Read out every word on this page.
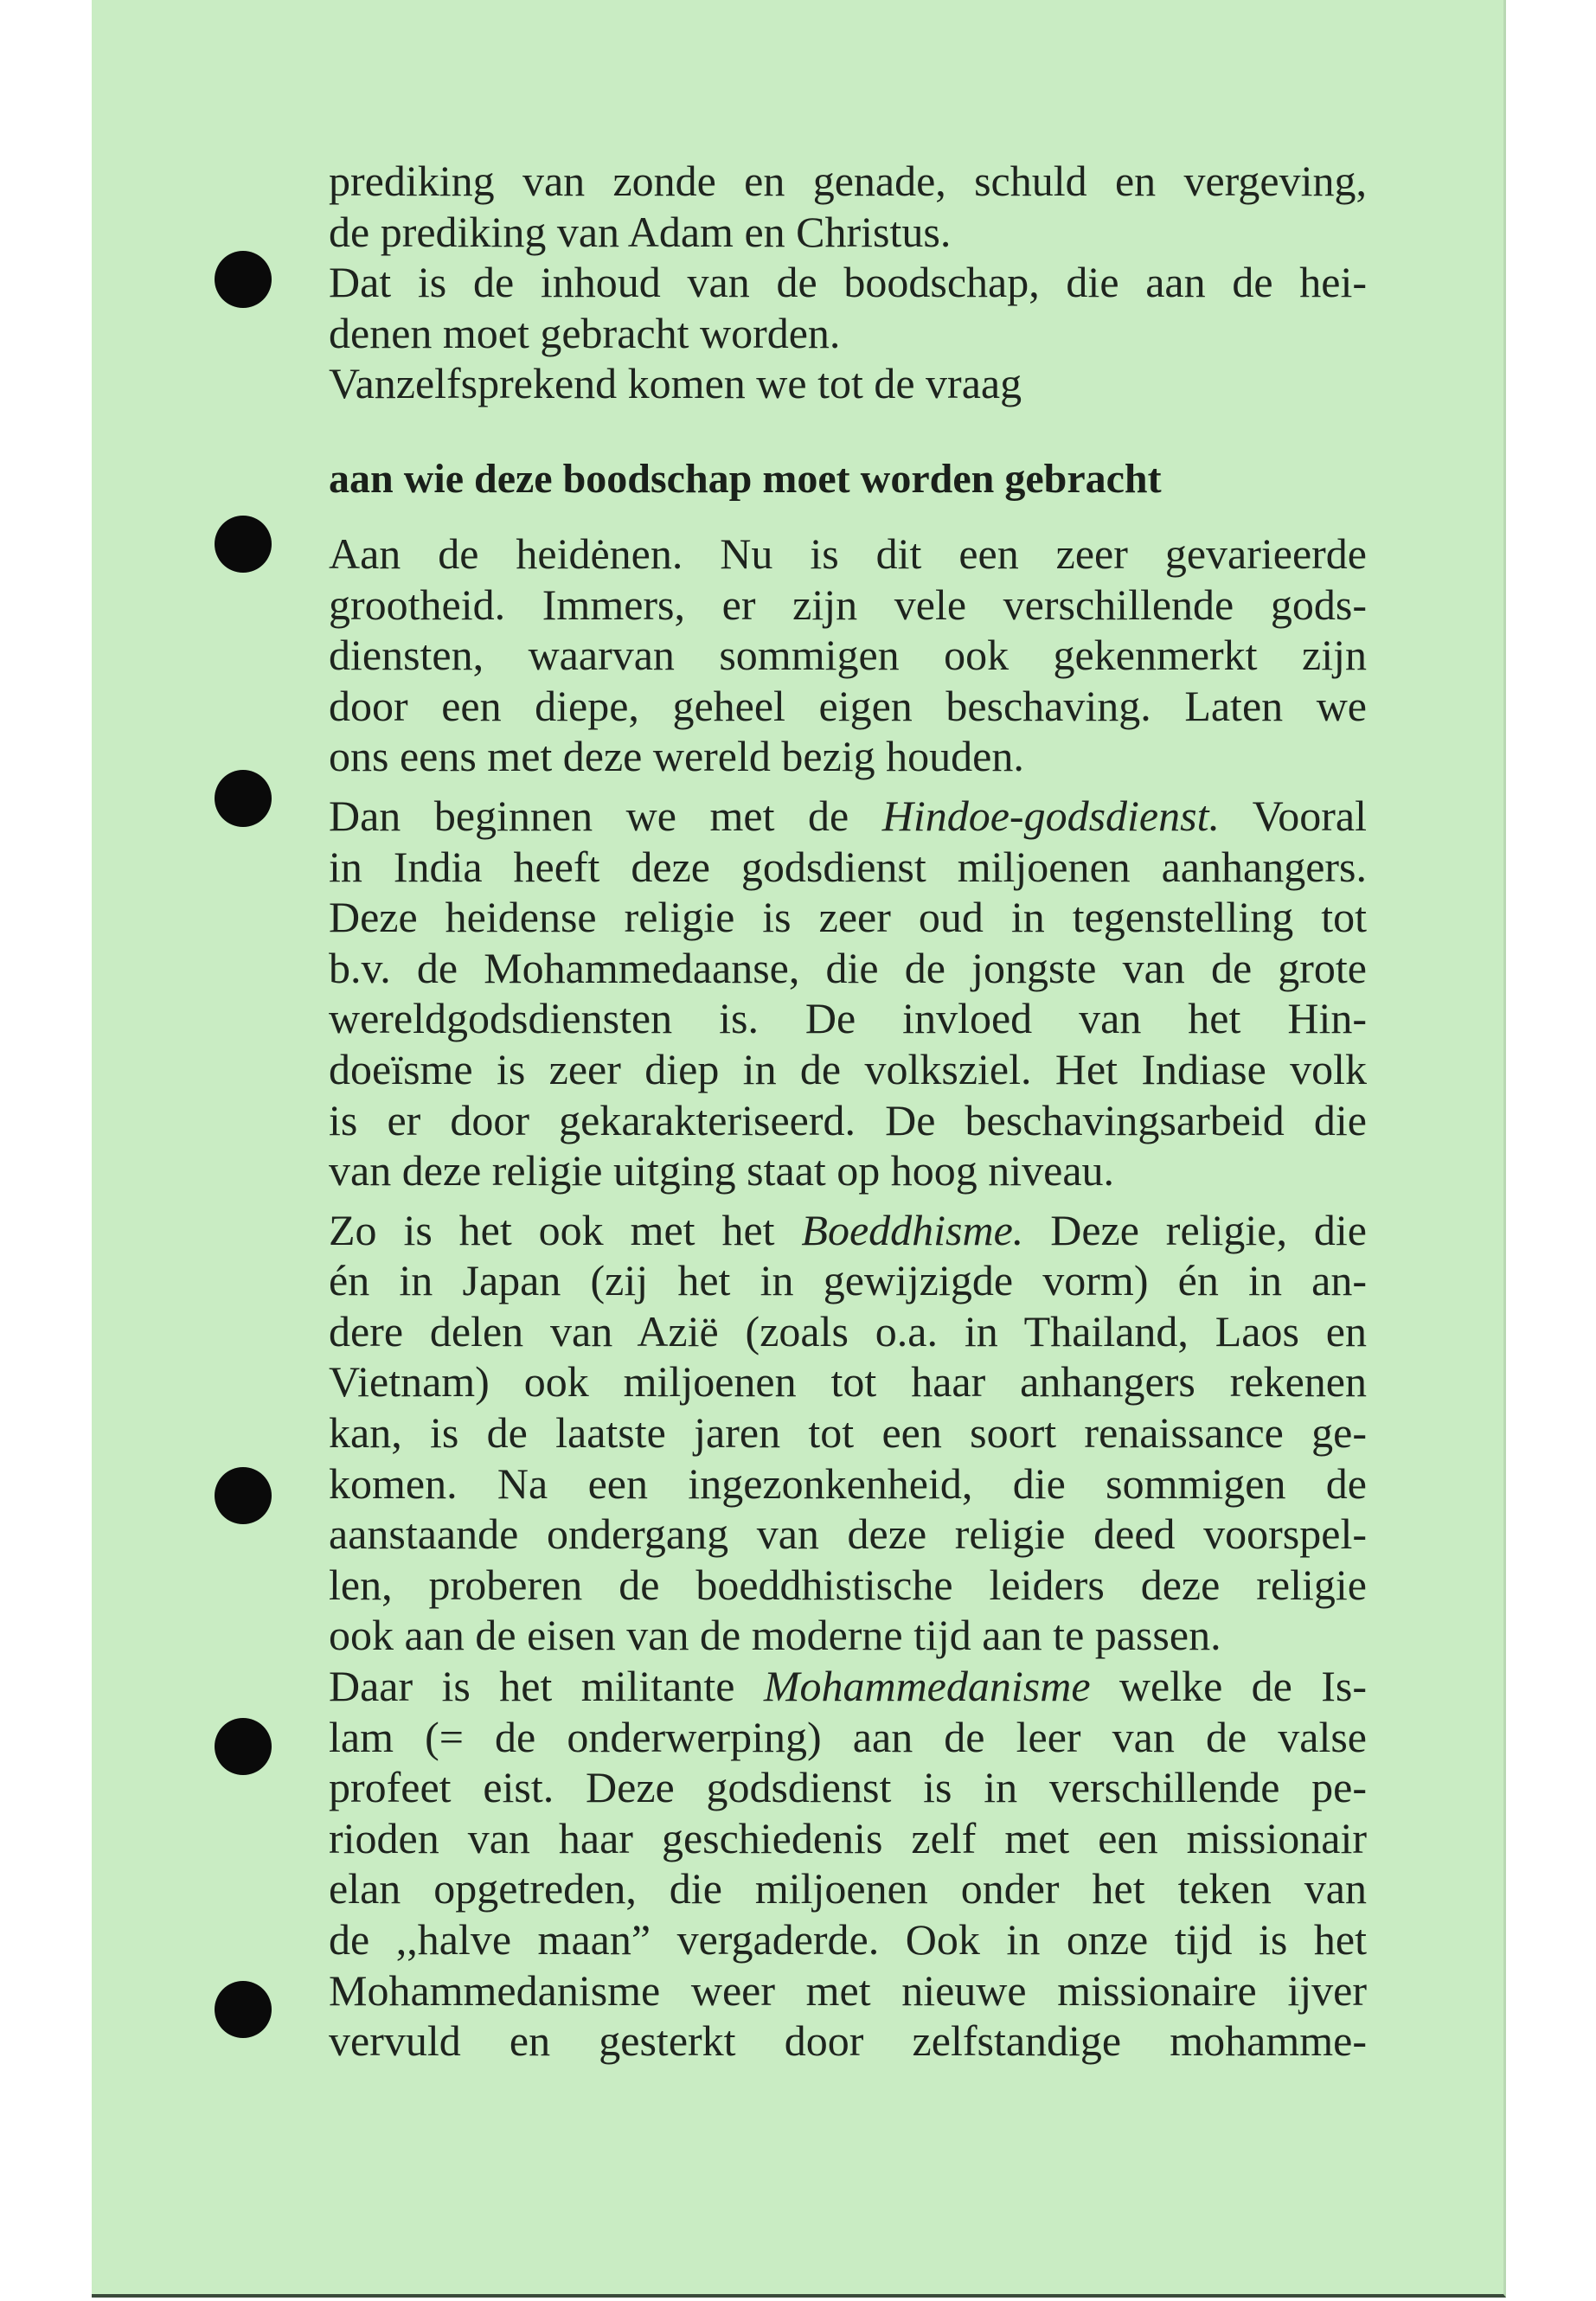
prediking van zonde en genade, schuld en vergeving,
de prediking van Adam en Christus.
Dat is de inhoud van de boodschap, die aan de hei-
denen moet gebracht worden.
Vanzelfsprekend komen we tot de vraag

aan wie deze boodschap moet worden gebracht

Aan de heidėnen. Nu is dit een zeer gevarieerde
grootheid. Immers, er zijn vele verschillende gods-
diensten, waarvan sommigen ook gekenmerkt zijn
door een diepe, geheel eigen beschaving. Laten we
ons eens met deze wereld bezig houden.

Dan beginnen we met de Hindoe-godsdienst. Vooral
in India heeft deze godsdienst miljoenen aanhangers.
Deze heidense religie is zeer oud in tegenstelling tot
b.v. de Mohammedaanse, die de jongste van de grote
wereldgodsdiensten is. De invloed van het Hin-
doeïsme is zeer diep in de volksziel. Het Indiase volk
is er door gekarakteriseerd. De beschavingsarbeid die
van deze religie uitging staat op hoog niveau.

Zo is het ook met het Boeddhisme. Deze religie, die
én in Japan (zij het in gewijzigde vorm) én in an-
dere delen van Azië (zoals o.a. in Thailand, Laos en
Vietnam) ook miljoenen tot haar anhangers rekenen
kan, is de laatste jaren tot een soort renaissance ge-
komen. Na een ingezonkenheid, die sommigen de
aanstaande ondergang van deze religie deed voorspel-
len, proberen de boeddhistische leiders deze religie
ook aan de eisen van de moderne tijd aan te passen.

Daar is het militante Mohammedanisme welke de Is-
lam (= de onderwerping) aan de leer van de valse
profeet eist. Deze godsdienst is in verschillende pe-
rioden van haar geschiedenis zelf met een missionair
elan opgetreden, die miljoenen onder het teken van
de ,,halve maan” vergaderde. Ook in onze tijd is het
Mohammedanisme weer met nieuwe missionaire ijver
vervuld en gesterkt door zelfstandige mohamme-
